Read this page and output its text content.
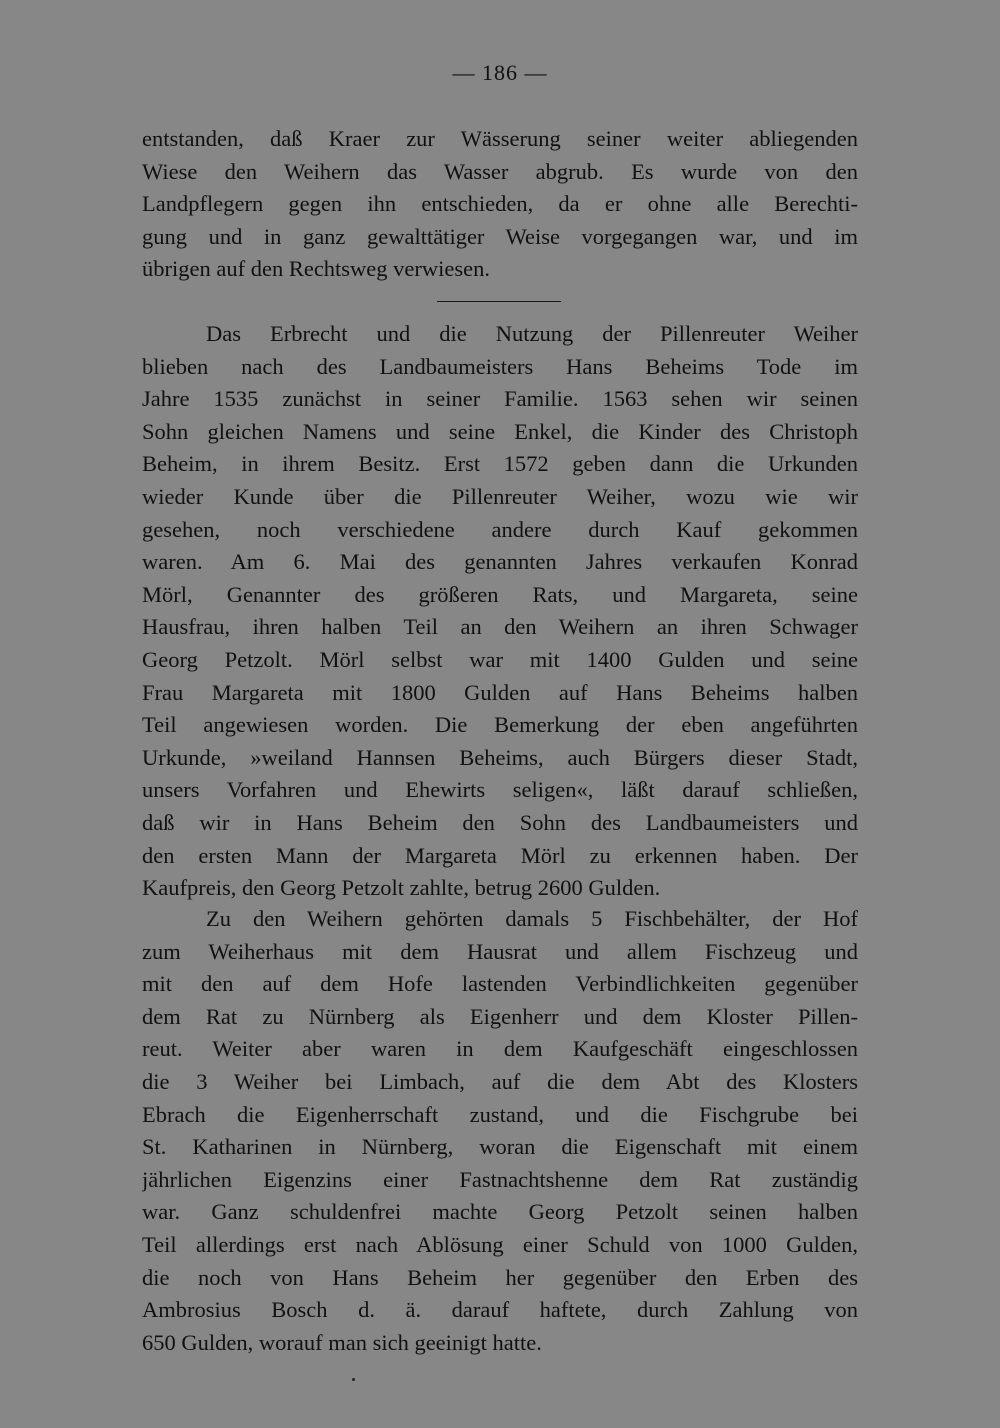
— 186 —
entstanden, daß Kraer zur Wässerung seiner weiter abliegenden
Wiese den Weihern das Wasser abgrub. Es wurde von den
Landpflegern gegen ihn entschieden, da er ohne alle Berechti-
gung und in ganz gewalttätiger Weise vorgegangen war, und im
übrigen auf den Rechtsweg verwiesen.
Das Erbrecht und die Nutzung der Pillenreuter Weiher
blieben nach des Landbaumeisters Hans Beheims Tode im
Jahre 1535 zunächst in seiner Familie. 1563 sehen wir seinen
Sohn gleichen Namens und seine Enkel, die Kinder des Christoph
Beheim, in ihrem Besitz. Erst 1572 geben dann die Urkunden
wieder Kunde über die Pillenreuter Weiher, wozu wie wir
gesehen, noch verschiedene andere durch Kauf gekommen
waren. Am 6. Mai des genannten Jahres verkaufen Konrad
Mörl, Genannter des größeren Rats, und Margareta, seine
Hausfrau, ihren halben Teil an den Weihern an ihren Schwager
Georg Petzolt. Mörl selbst war mit 1400 Gulden und seine
Frau Margareta mit 1800 Gulden auf Hans Beheims halben
Teil angewiesen worden. Die Bemerkung der eben angeführten
Urkunde, »weiland Hannsen Beheims, auch Bürgers dieser Stadt,
unsers Vorfahren und Ehewirts seligen«, läßt darauf schließen,
daß wir in Hans Beheim den Sohn des Landbaumeisters und
den ersten Mann der Margareta Mörl zu erkennen haben. Der
Kaufpreis, den Georg Petzolt zahlte, betrug 2600 Gulden.
Zu den Weihern gehörten damals 5 Fischbehälter, der Hof
zum Weiherhaus mit dem Hausrat und allem Fischzeug und
mit den auf dem Hofe lastenden Verbindlichkeiten gegenüber
dem Rat zu Nürnberg als Eigenherr und dem Kloster Pillen-
reut. Weiter aber waren in dem Kaufgeschäft eingeschlossen
die 3 Weiher bei Limbach, auf die dem Abt des Klosters
Ebrach die Eigenherrschaft zustand, und die Fischgrube bei
St. Katharinen in Nürnberg, woran die Eigenschaft mit einem
jährlichen Eigenzins einer Fastnachtshenne dem Rat zuständig
war. Ganz schuldenfrei machte Georg Petzolt seinen halben
Teil allerdings erst nach Ablösung einer Schuld von 1000 Gulden,
die noch von Hans Beheim her gegenüber den Erben des
Ambrosius Bosch d. ä. darauf haftete, durch Zahlung von
650 Gulden, worauf man sich geeinigt hatte.
